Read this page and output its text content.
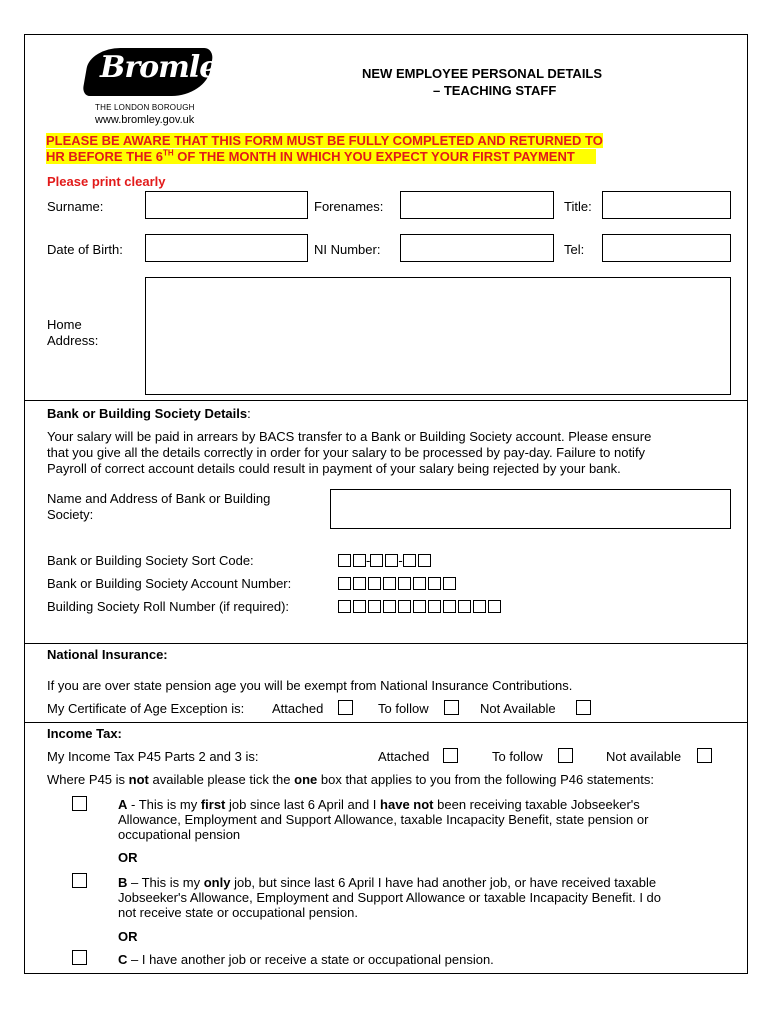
Bromley
THE LONDON BOROUGH
www.bromley.gov.uk
NEW EMPLOYEE PERSONAL DETAILS
– TEACHING STAFF
PLEASE BE AWARE THAT THIS FORM MUST BE FULLY COMPLETED AND RETURNED TO
HR BEFORE THE 6TH OF THE MONTH IN WHICH YOU EXPECT YOUR FIRST PAYMENT
Please print clearly
Surname:	Forenames:	Title:
Date of Birth:	NI Number:	Tel:
Home
Address:
Bank or Building Society Details:
Your salary will be paid in arrears by BACS transfer to a Bank or Building Society account. Please ensure
that you give all the details correctly in order for your salary to be processed by pay-day. Failure to notify
Payroll of correct account details could result in payment of your salary being rejected by your bank.
Name and Address of Bank or Building
Society:
Bank or Building Society Sort Code:	- -
Bank or Building Society Account Number:
Building Society Roll Number (if required):
National Insurance:
If you are over state pension age you will be exempt from National Insurance Contributions.
My Certificate of Age Exception is: Attached	To follow	Not Available
Income Tax:
My Income Tax P45 Parts 2 and 3 is:	Attached	To follow	Not available
Where P45 is not available please tick the one box that applies to you from the following P46 statements:
A - This is my first job since last 6 April and I have not been receiving taxable Jobseeker's
Allowance, Employment and Support Allowance, taxable Incapacity Benefit, state pension or
occupational pension
OR
B – This is my only job, but since last 6 April I have had another job, or have received taxable
Jobseeker's Allowance, Employment and Support Allowance or taxable Incapacity Benefit. I do
not receive state or occupational pension.
OR
C – I have another job or receive a state or occupational pension.
